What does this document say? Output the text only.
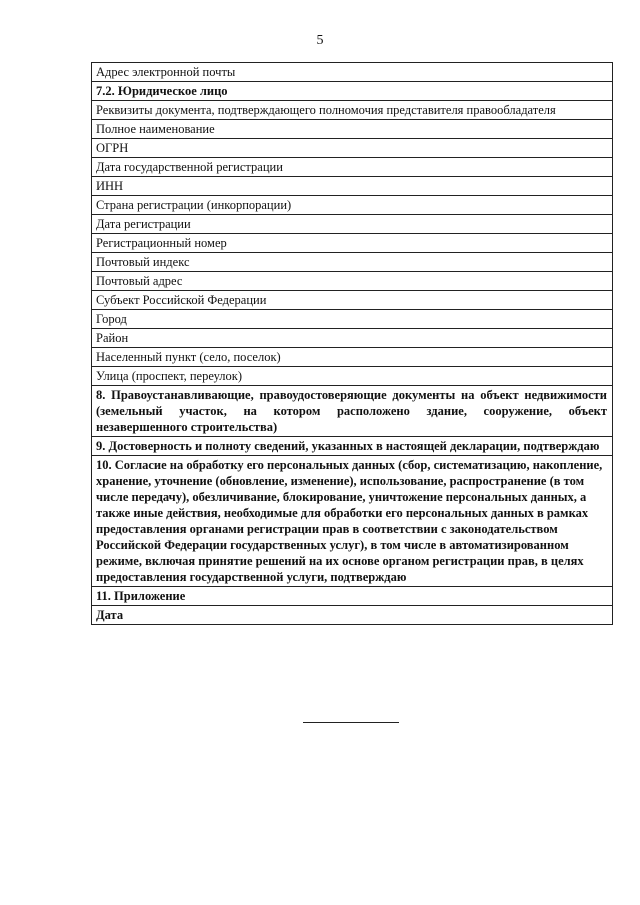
5
Адрес электронной почты
7.2. Юридическое лицо
Реквизиты документа, подтверждающего полномочия представителя правообладателя
Полное наименование
ОГРН
Дата государственной регистрации
ИНН
Страна регистрации (инкорпорации)
Дата регистрации
Регистрационный номер
Почтовый индекс
Почтовый адрес
Субъект Российской Федерации
Город
Район
Населенный пункт (село, поселок)
Улица (проспект, переулок)
8. Правоустанавливающие, правоудостоверяющие документы на объект недвижимости (земельный участок, на котором расположено здание, сооружение, объект незавершенного строительства)
9. Достоверность и полноту сведений, указанных в настоящей декларации, подтверждаю
10. Согласие на обработку его персональных данных (сбор, систематизацию, накопление, хранение, уточнение (обновление, изменение), использование, распространение (в том числе передачу), обезличивание, блокирование, уничтожение персональных данных, а также иные действия, необходимые для обработки его персональных данных в рамках предоставления органами регистрации прав в соответствии с законодательством Российской Федерации государственных услуг), в том числе в автоматизированном режиме, включая принятие решений на их основе органом регистрации прав, в целях предоставления государственной услуги, подтверждаю
11. Приложение
Дата
